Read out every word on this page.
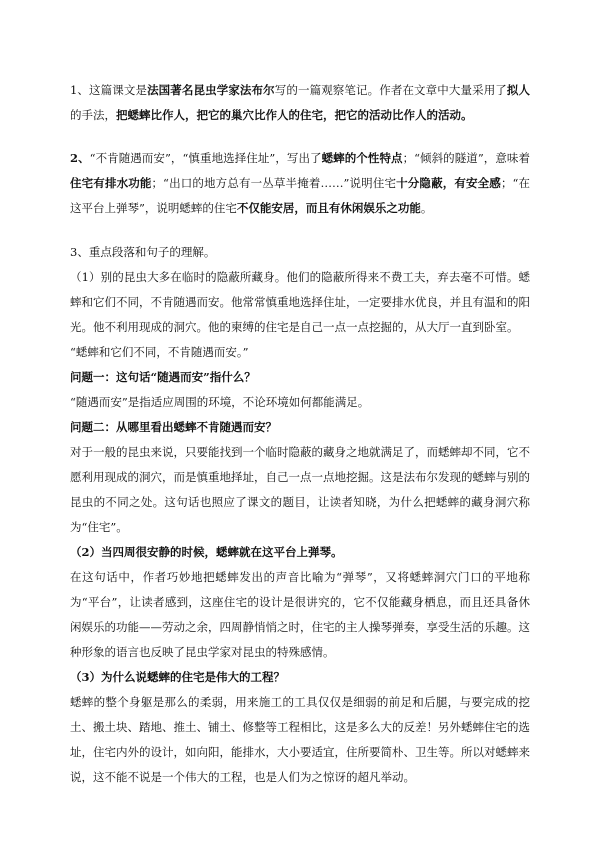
1、这篇课文是法国著名昆虫学家法布尔写的一篇观察笔记。作者在文章中大量采用了拟人的手法，把蟋蟀比作人，把它的巢穴比作人的住宅，把它的活动比作人的活动。

2、“不肯随遇而安”，“慎重地选择住址”，写出了蟋蟀的个性特点；“倾斜的隧道”，意味着住宅有排水功能；“出口的地方总有一丛草半掩着……”说明住宅十分隐蔽，有安全感；“在这平台上弹琴”，说明蟋蟀的住宅不仅能安居，而且有休闲娱乐之功能。

3、重点段落和句子的理解。

（1）别的昆虫大多在临时的隐蔽所藏身。他们的隐蔽所得来不费工夫，弃去毫不可惜。蟋蟀和它们不同，不肯随遇而安。他常常慎重地选择住址，一定要排水优良，并且有温和的阳光。他不利用现成的洞穴。他的柬缚的住宅是自己一点一点挖掘的，从大厅一直到卧室。

“蟋蟀和它们不同，不肯随遇而安。”

问题一：这句话“随遇而安”指什么？

“随遇而安”是指适应周围的环境，不论环境如何都能满足。

问题二：从哪里看出蟋蟀不肯随遇而安？

对于一般的昆虫来说，只要能找到一个临时隐蔽的藏身之地就满足了，而蟋蟀却不同，它不愿利用现成的洞穴，而是慎重地择址，自己一点一点地挖掘。这是法布尔发现的蟋蟀与别的昆虫的不同之处。这句话也照应了课文的题目，让读者知晓，为什么把蟋蟀的藏身洞穴称为“住宅”。

（2）当四周很安静的时候，蟋蟀就在这平台上弹琴。

在这句话中，作者巧妙地把蟋蟀发出的声音比喻为“弹琴”，又将蟋蟀洞穴门口的平地称为“平台”，让读者感到，这座住宅的设计是很讲究的，它不仅能藏身栖息，而且还具备休闲娱乐的功能——劳动之余，四周静悄悄之时，住宅的主人操琴弹奏，享受生活的乐趣。这种形象的语言也反映了昆虫学家对昆虫的特殊感情。

（3）为什么说蟋蟀的住宅是伟大的工程？

蟋蟀的整个身躯是那么的柔弱，用来施工的工具仅仅是细弱的前足和后腿，与要完成的挖土、搬土块、踏地、推土、铺土、修整等工程相比，这是多么大的反差！另外蟋蟀住宅的选址，住宅内外的设计，如向阳，能排水，大小要适宜，住所要简朴、卫生等。所以对蟋蟀来说，这不能不说是一个伟大的工程，也是人们为之惊讶的超凡举动。
